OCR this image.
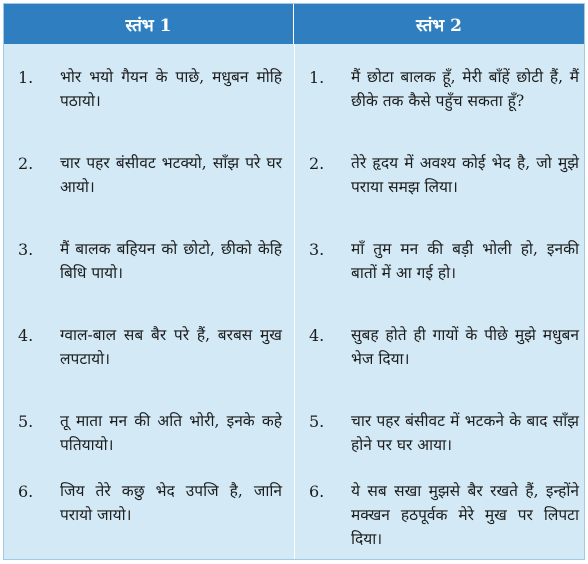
स्तंभ 1	स्तंभ 2
1. भोर भयो गैयन के पाछे, मधुबन मोहि पठायो।
1. मैं छोटा बालक हूँ, मेरी बाँहें छोटी हैं, मैं छीके तक कैसे पहुँच सकता हूँ?
2. चार पहर बंसीवट भटक्यो, साँझ परे घर आयो।
2. तेरे हृदय में अवश्य कोई भेद है, जो मुझे पराया समझ लिया।
3. मैं बालक बहियन को छोटो, छीको केहि बिधि पायो।
3. माँ तुम मन की बड़ी भोली हो, इनकी बातों में आ गई हो।
4. ग्वाल-बाल सब बैर परे हैं, बरबस मुख लपटायो।
4. सुबह होते ही गायों के पीछे मुझे मधुबन भेज दिया।
5. तू माता मन की अति भोरी, इनके कहे पतियायो।
5. चार पहर बंसीवट में भटकने के बाद साँझ होने पर घर आया।
6. जिय तेरे कछु भेद उपजि है, जानि परायो जायो।
6. ये सब सखा मुझसे बैर रखते हैं, इन्होंने मक्खन हठपूर्वक मेरे मुख पर लिपटा दिया।
